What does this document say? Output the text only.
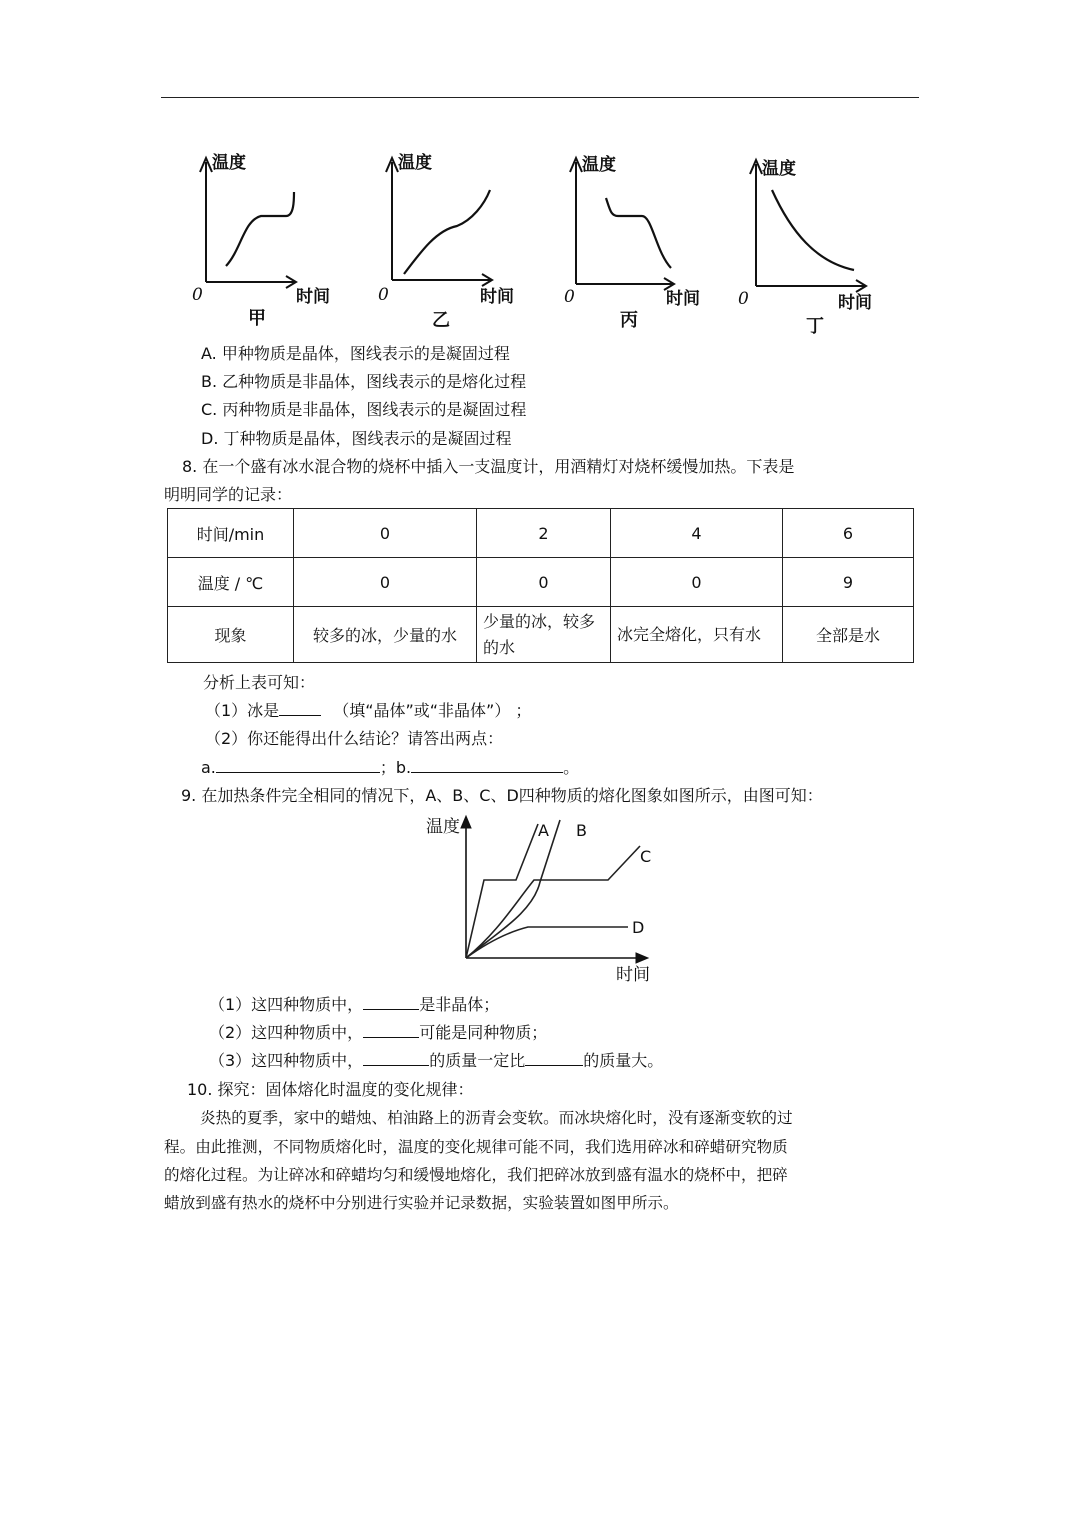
温度
0	时间
甲
温度
0	时间
乙
温度
0	时间
丙
温度
0	时间
丁
A. 甲种物质是晶体，图线表示的是凝固过程
B. 乙种物质是非晶体，图线表示的是熔化过程
C. 丙种物质是非晶体，图线表示的是凝固过程
D. 丁种物质是晶体，图线表示的是凝固过程
8. 在一个盛有冰水混合物的烧杯中插入一支温度计，用酒精灯对烧杯缓慢加热。下表是
明明同学的记录：
时间/min	0	2	4	6
温度 / ℃	0	0	0	9
现象	较多的冰，少量的水	少量的冰，较多的水	冰完全熔化，只有水	全部是水
分析上表可知：
（1）冰是	（填“晶体”或“非晶体”） ；
（2）你还能得出什么结论？请答出两点：
a.	；b.	。
9. 在加热条件完全相同的情况下，A、B、C、D四种物质的熔化图象如图所示，由图可知：
温度
时间
A B
C
D
（1）这四种物质中，	是非晶体；
（2）这四种物质中，	可能是同种物质；
（3）这四种物质中，	的质量一定比	的质量大。
10. 探究：固体熔化时温度的变化规律：
炎热的夏季，家中的蜡烛、柏油路上的沥青会变软。而冰块熔化时，没有逐渐变软的过
程。由此推测，不同物质熔化时，温度的变化规律可能不同，我们选用碎冰和碎蜡研究物质
的熔化过程。为让碎冰和碎蜡均匀和缓慢地熔化，我们把碎冰放到盛有温水的烧杯中，把碎
蜡放到盛有热水的烧杯中分别进行实验并记录数据，实验装置如图甲所示。
